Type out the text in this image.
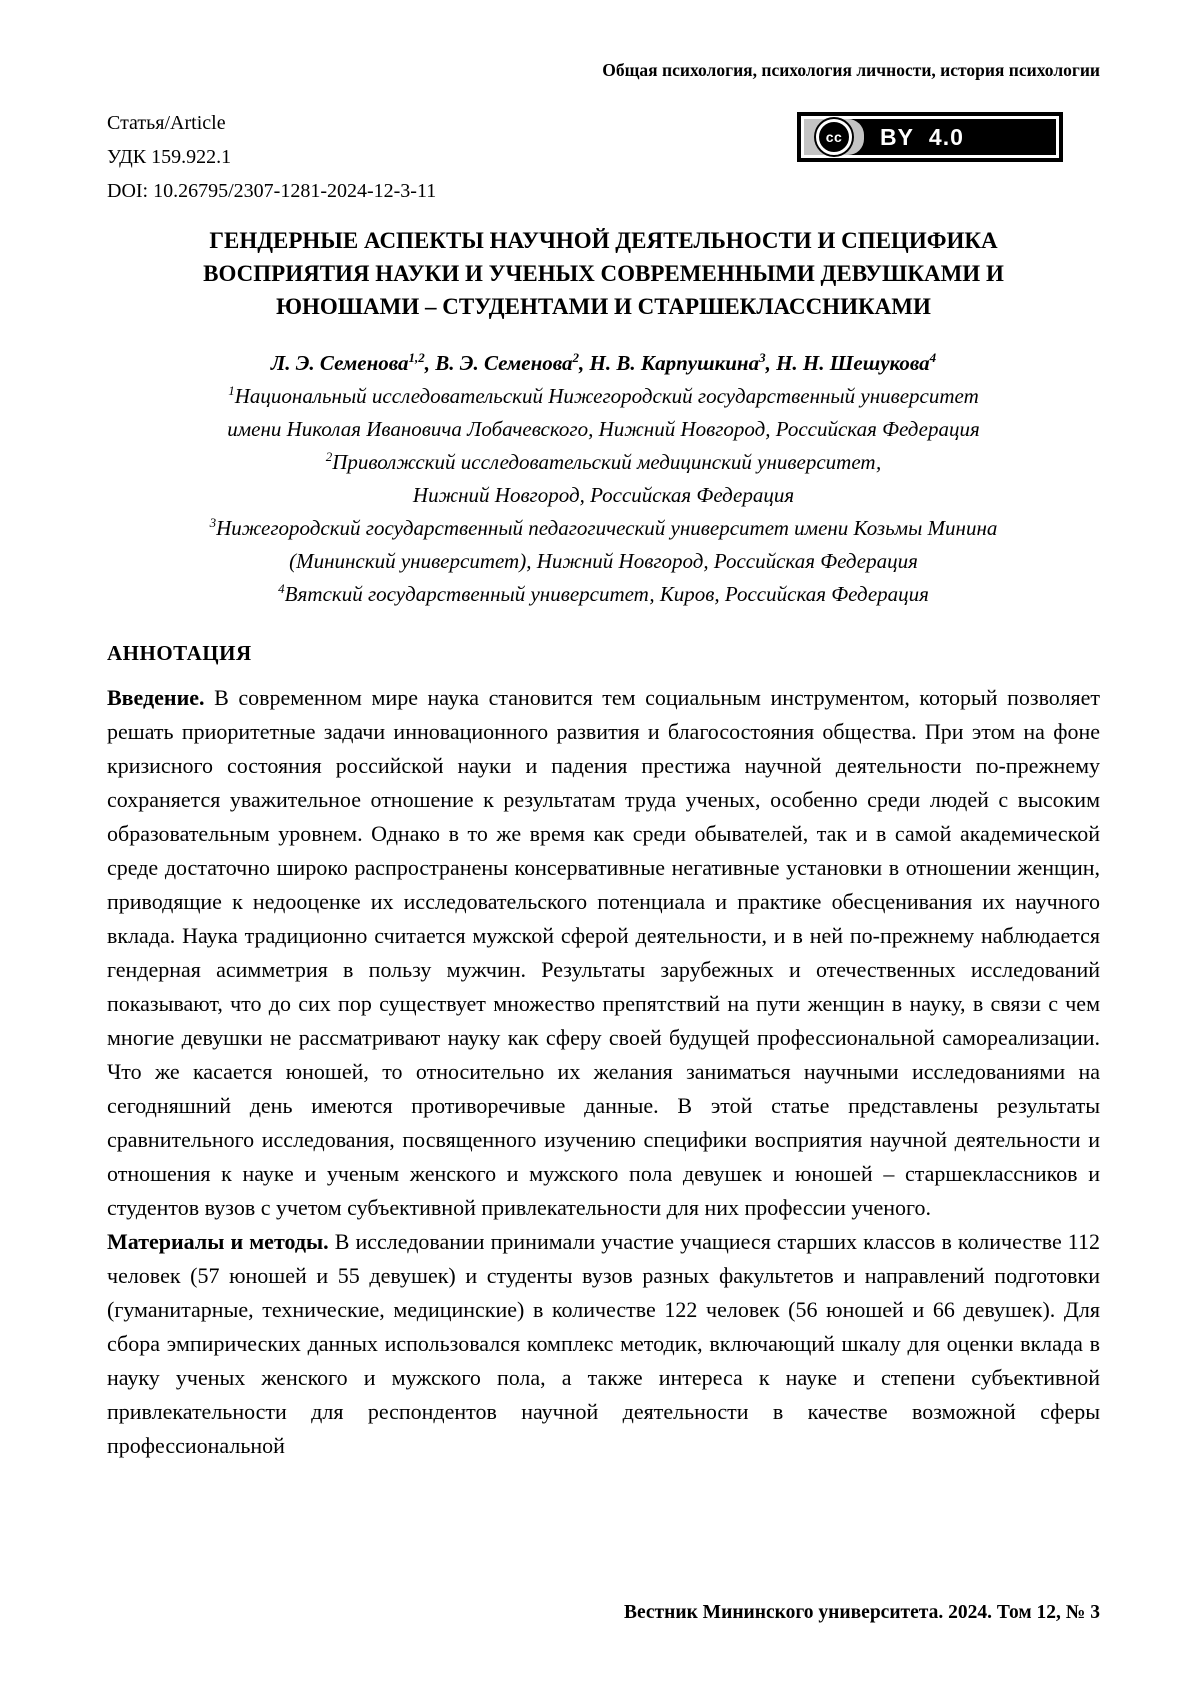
Общая психология, психология личности, история психологии
Статья/Article
УДК 159.922.1
DOI: 10.26795/2307-1281-2024-12-3-11
cc	BY 4.0
ГЕНДЕРНЫЕ АСПЕКТЫ НАУЧНОЙ ДЕЯТЕЛЬНОСТИ И СПЕЦИФИКА
ВОСПРИЯТИЯ НАУКИ И УЧЕНЫХ СОВРЕМЕННЫМИ ДЕВУШКАМИ И
ЮНОШАМИ – СТУДЕНТАМИ И СТАРШЕКЛАССНИКАМИ
Л. Э. Семенова$^{1,2}$, В. Э. Семенова$^2$, Н. В. Карпушкина$^3$, Н. Н. Шешукова$^4$
$^1$Национальный исследовательский Нижегородский государственный университет
имени Николая Ивановича Лобачевского, Нижний Новгород, Российская Федерация
$^2$Приволжский исследовательский медицинский университет,
Нижний Новгород, Российская Федерация
$^3$Нижегородский государственный педагогический университет имени Козьмы Минина
(Мининский университет), Нижний Новгород, Российская Федерация
$^4$Вятский государственный университет, Киров, Российская Федерация
АННОТАЦИЯ

Введение. В современном мире наука становится тем социальным инструментом, который позволяет решать приоритетные задачи инновационного развития и благосостояния общества. При этом на фоне кризисного состояния российской науки и падения престижа научной деятельности по-прежнему сохраняется уважительное отношение к результатам труда ученых, особенно среди людей с высоким образовательным уровнем. Однако в то же время как среди обывателей, так и в самой академической среде достаточно широко распространены консервативные негативные установки в отношении женщин, приводящие к недооценке их исследовательского потенциала и практике обесценивания их научного вклада. Наука традиционно считается мужской сферой деятельности, и в ней по-прежнему наблюдается гендерная асимметрия в пользу мужчин. Результаты зарубежных и отечественных исследований показывают, что до сих пор существует множество препятствий на пути женщин в науку, в связи с чем многие девушки не рассматривают науку как сферу своей будущей профессиональной самореализации. Что же касается юношей, то относительно их желания заниматься научными исследованиями на сегодняшний день имеются противоречивые данные. В этой статье представлены результаты сравнительного исследования, посвященного изучению специфики восприятия научной деятельности и отношения к науке и ученым женского и мужского пола девушек и юношей – старшеклассников и студентов вузов с учетом субъективной привлекательности для них профессии ученого.

Материалы и методы. В исследовании принимали участие учащиеся старших классов в количестве 112 человек (57 юношей и 55 девушек) и студенты вузов разных факультетов и направлений подготовки (гуманитарные, технические, медицинские) в количестве 122 человек (56 юношей и 66 девушек). Для сбора эмпирических данных использовался комплекс методик, включающий шкалу для оценки вклада в науку ученых женского и мужского пола, а также интереса к науке и степени субъективной привлекательности для респондентов научной деятельности в качестве возможной сферы профессиональной

Вестник Мининского университета. 2024. Том 12, № 3
